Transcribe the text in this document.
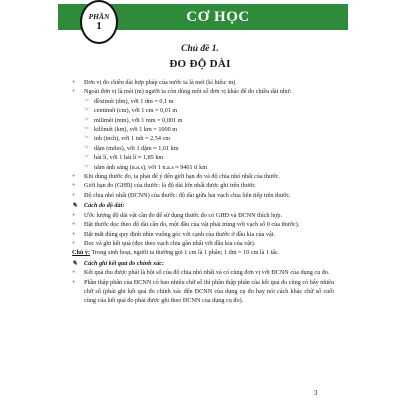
CƠ HỌC
PHẦN
1
Chủ đề 1.
ĐO ĐỘ DÀI
+	Đơn vị đo chiều dài hợp pháp của nước ta là mét (kí hiệu: m)
+	Ngoài đơn vị là mét (m) người ta còn dùng một số đơn vị khác để đo chiều dài như:
☞ đềximét (dm), với 1 dm = 0,1 m
☞ centimét (cm), với 1 cm = 0,01 m
☞ milimét (mm), với 1 mm = 0,001 m
☞ kilômét (km), với 1 km = 1000 m
☞ inh (inch), với 1 inh = 2,54 cm
☞ dặm (miles), với 1 dặm ≈ 1,61 km
☞ hải lí, với 1 hải lí ≈ 1,85 km
☞ năm ánh sáng (n.a.s), với 1 n.a.s ≈ 9461 tỉ km
+	Khi dùng thước đo, ta phải để ý đến giới hạn đo và độ chia nhỏ nhất của thước.
+	Giới hạn đo (GHĐ) của thước: là độ dài lớn nhất được ghi trên thước.
+	Độ chia nhỏ nhất (ĐCNN) của thước: độ dài giữa hai vạch chia liên tiếp trên thước.
✎	Cách đo độ dài:
+	Ước lượng độ dài vật cần đo để sử dụng thước đo có GHĐ và ĐCNN thích hợp.
+	Đặt thước dọc theo độ dài cần đo, một đầu của vật phải trùng với vạch số 0 của thước).
+	Đặt mắt đúng quy định nhìn vuông góc với cạnh của thước ở đầu kia của vật.
+	Đọc và ghi kết quả (đọc theo vạch chia gần nhất với đầu kia của vật).
Chú ý: Trong sinh hoạt, người ta thường gọi 1 cm là 1 phân; 1 dm = 10 cm là 1 tấc.
✎	Cách ghi kết quả đo chính xác:
+	Kết quả thu được phải là bội số của độ chia nhỏ nhất và có cùng đơn vị với ĐCNN của dụng cụ đo.
+	Phần thập phân của ĐCNN có bao nhiêu chữ số thì phần thập phân của kết quả đo cũng có bấy nhiêu chữ số (phải ghi kết quả đo chính xác đến ĐCNN của dụng cụ đo hay nói cách khác chữ số cuối cùng của kết quả đo phải được ghi theo ĐCNN của dụng cụ đo).
3
